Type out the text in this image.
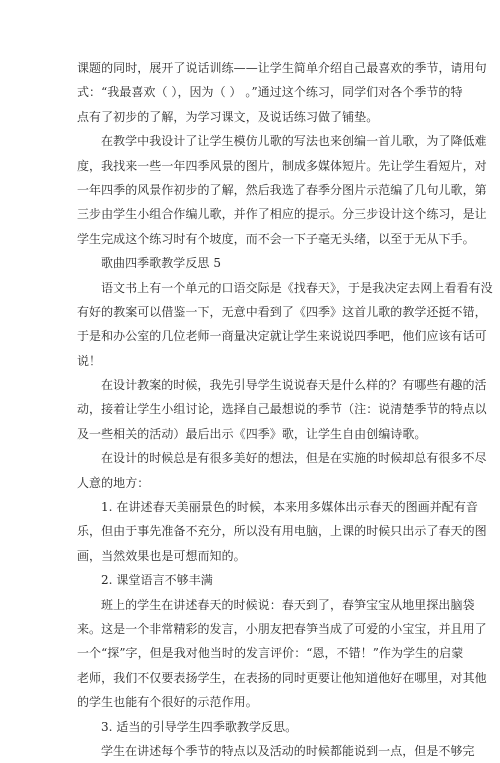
课题的同时，展开了说话训练——让学生简单介绍自己最喜欢的季节，请用句
式：“我最喜欢（ ），因为（ ） 。”通过这个练习，同学们对各个季节的特
点有了初步的了解，为学习课文，及说话练习做了铺垫。
在教学中我设计了让学生模仿儿歌的写法也来创编一首儿歌，为了降低难
度，我找来一些一年四季风景的图片，制成多媒体短片。先让学生看短片，对
一年四季的风景作初步的了解，然后我选了春季分图片示范编了几句儿歌，第
三步由学生小组合作编儿歌，并作了相应的提示。分三步设计这个练习，是让
学生完成这个练习时有个坡度，而不会一下子毫无头绪，以至于无从下手。
歌曲四季歌教学反思 5
语文书上有一个单元的口语交际是《找春天》，于是我决定去网上看看有没
有好的教案可以借鉴一下，无意中看到了《四季》这首儿歌的教学还挺不错，
于是和办公室的几位老师一商量决定就让学生来说说四季吧，他们应该有话可
说！
在设计教案的时候，我先引导学生说说春天是什么样的？有哪些有趣的活
动，接着让学生小组讨论，选择自己最想说的季节（注：说清楚季节的特点以
及一些相关的活动）最后出示《四季》歌，让学生自由创编诗歌。
在设计的时候总是有很多美好的想法，但是在实施的时候却总有很多不尽
人意的地方：
1. 在讲述春天美丽景色的时候，本来用多媒体出示春天的图画并配有音
乐，但由于事先准备不充分，所以没有用电脑，上课的时候只出示了春天的图
画，当然效果也是可想而知的。
2. 课堂语言不够丰满
班上的学生在讲述春天的时候说：春天到了，春笋宝宝从地里探出脑袋
来。这是一个非常精彩的发言，小朋友把春笋当成了可爱的小宝宝，并且用了
一个“探”字，但是我对他当时的发言评价：“恩，不错！”作为学生的启蒙
老师，我们不仅要表扬学生，在表扬的同时更要让他知道他好在哪里，对其他
的学生也能有个很好的示范作用。
3. 适当的引导学生四季歌教学反思。
学生在讲述每个季节的特点以及活动的时候都能说到一点，但是不够完
